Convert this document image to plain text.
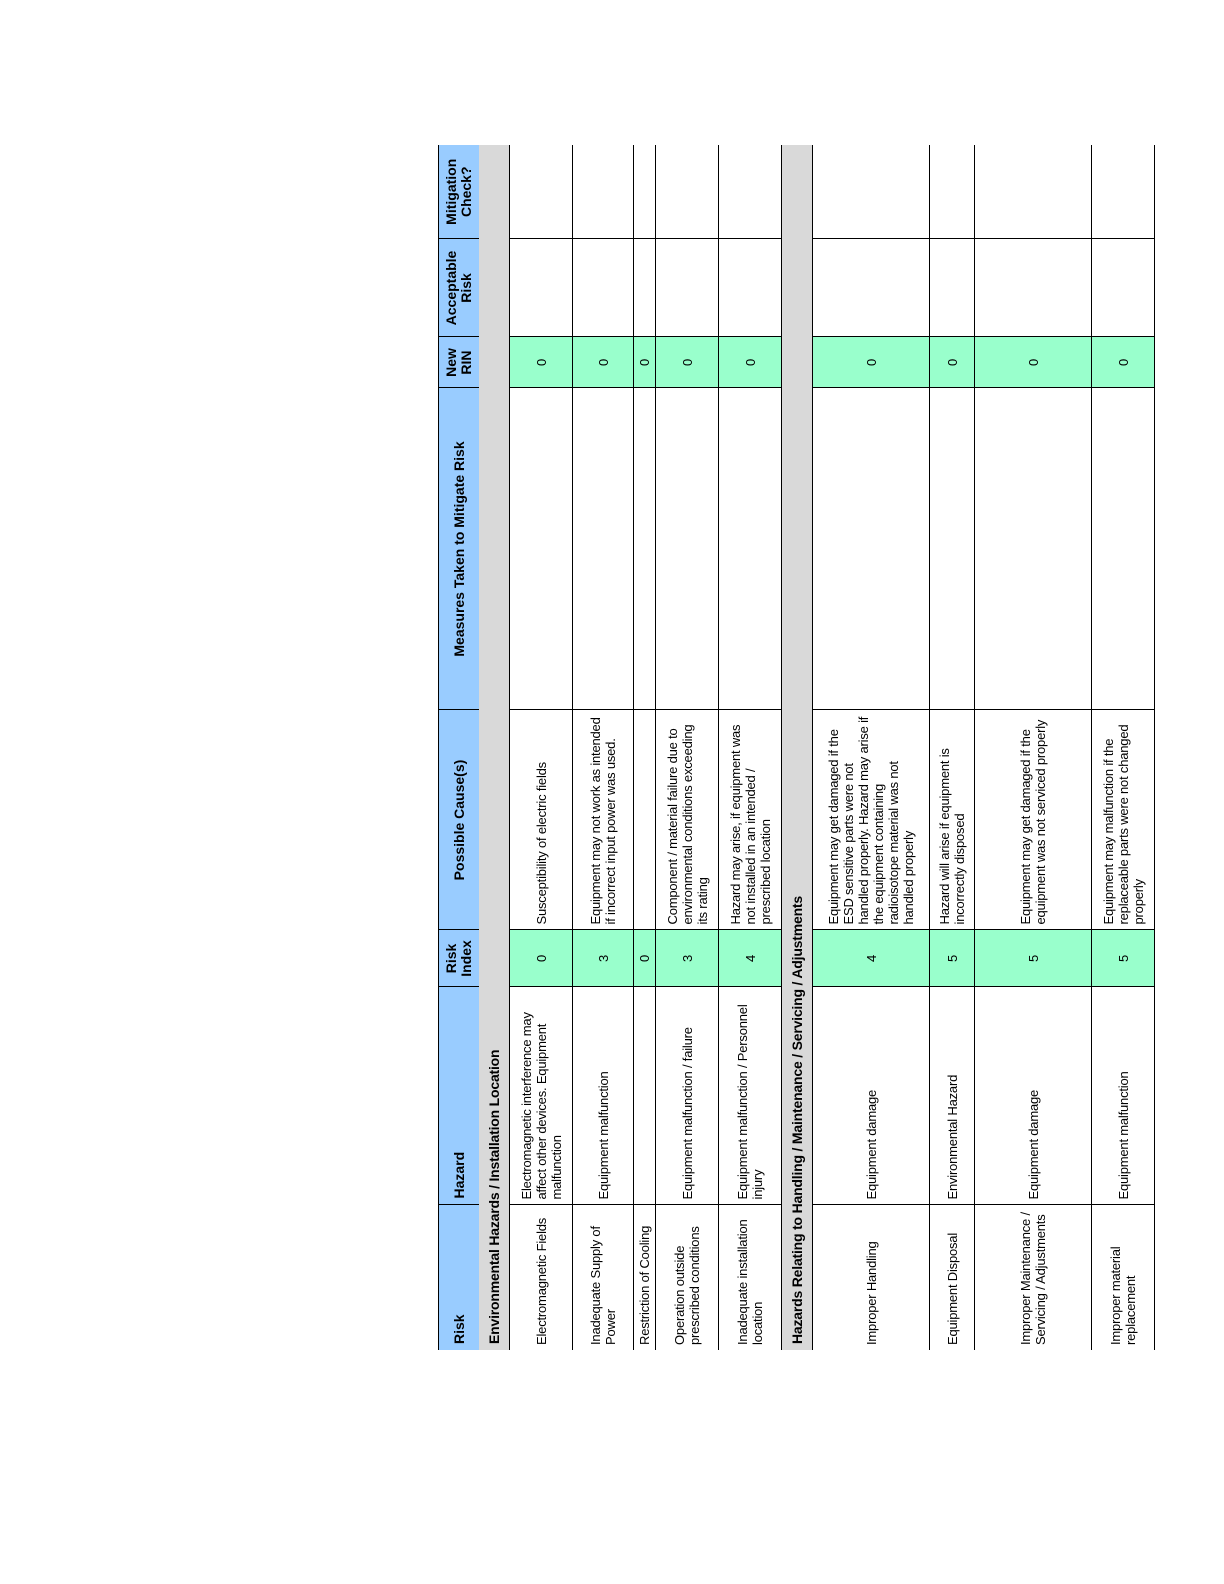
Risk	Hazard	Risk Index	Possible Cause(s)	Measures Taken to Mitigate Risk	New RIN	Acceptable Risk	Mitigation Check?
Environmental Hazards / Installation Location							
Electromagnetic Fields	Electromagnetic interference may affect other devices. Equipment malfunction	0	Susceptibility of electric fields		0		
Inadequate Supply of Power	Equipment malfunction	3	Equipment may not work as intended if incorrect input power was used.		0		
Restriction of Cooling		0			0		
Operation outside prescribed conditions	Equipment malfunction / failure	3	Component / material failure due to environmental conditions exceeding its rating		0		
Inadequate installation location	Equipment malfunction / Personnel injury	4	Hazard may arise, if equipment was not installed in an intended / prescribed location		0		
Hazards Relating to Handling / Maintenance / Servicing / Adjustments							
Improper Handling	Equipment damage	4	Equipment may get damaged if the ESD sensitive parts were not handled properly. Hazard may arise if the equipment containing radioisotope material was not handled properly		0		
Equipment Disposal	Environmental Hazard	5	Hazard will arise if equipment is incorrectly disposed		0		
Improper Maintenance / Servicing / Adjustments	Equipment damage	5	Equipment may get damaged if the equipment was not serviced properly		0		
Improper material replacement	Equipment malfunction	5	Equipment may malfunction if the replaceable parts were not changed properly		0		
